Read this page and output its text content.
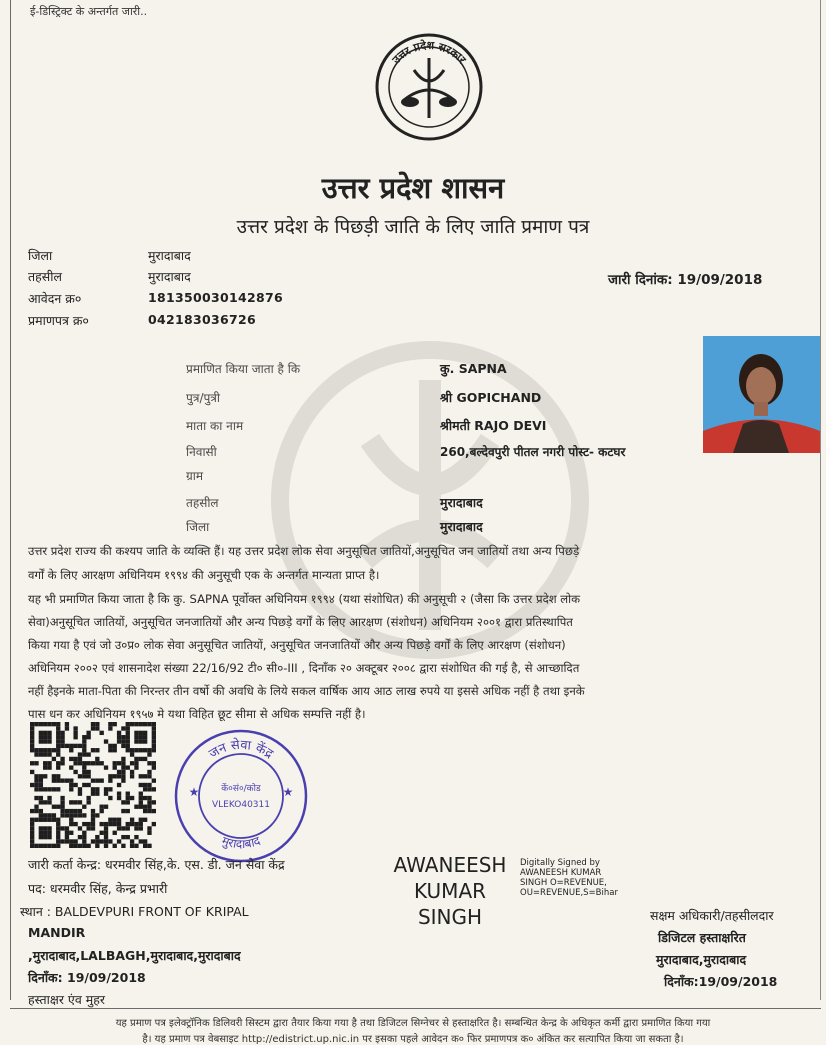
ई-डिस्ट्रिक्ट के अन्तर्गत जारी..
उत्तर प्रदेश सरकार
उत्तर प्रदेश शासन
उत्तर प्रदेश के पिछड़ी जाति के लिए जाति प्रमाण पत्र
जिला	मुरादाबाद
तहसील	मुरादाबाद
आवेदन क्र०	181350030142876
प्रमाणपत्र क्र०	042183036726
जारी दिनांक: 19/09/2018
प्रमाणित किया जाता है कि	कु. SAPNA
पुत्र/पुत्री	श्री GOPICHAND
माता का नाम	श्रीमती RAJO DEVI
निवासी	260,बल्देवपुरी पीतल नगरी पोस्ट- कटघर
ग्राम
तहसील	मुरादाबाद
जिला	मुरादाबाद
उत्तर प्रदेश राज्य की कश्यप जाति के व्यक्ति हैं। यह उत्तर प्रदेश लोक सेवा अनुसूचित जातियों,अनुसूचित जन जातियों तथा अन्य पिछड़े
वर्गों के लिए आरक्षण अधिनियम १९९४ की अनुसूची एक के अन्तर्गत मान्यता प्राप्त है।
यह भी प्रमाणित किया जाता है कि कु. SAPNA पूर्वोक्त अधिनियम १९९४ (यथा संशोधित) की अनुसूची २ (जैसा कि उत्तर प्रदेश लोक
सेवा)अनुसूचित जातियों, अनुसूचित जनजातियों और अन्य पिछड़े वर्गों के लिए आरक्षण (संशोधन) अधिनियम २००१ द्वारा प्रतिस्थापित
किया गया है एवं जो उ०प्र० लोक सेवा अनुसूचित जातियों, अनुसूचित जनजातियों और अन्य पिछड़े वर्गों के लिए आरक्षण (संशोधन)
अधिनियम २००२ एवं शासनादेश संख्या 22/16/92 टी० सी०-III , दिनाँक २० अक्टूबर २००८ द्वारा संशोधित की गई है, से आच्छादित
नहीं हैइनके माता-पिता की निरन्तर तीन वर्षो की अवधि के लिये सकल वार्षिक आय आठ लाख रुपये या इससे अधिक नहीं है तथा इनके
पास धन कर अधिनियम १९५७ मे यथा विहित छूट सीमा से अधिक सम्पत्ति नहीं है।
जन सेवा केंद्र
मुरादाबाद
कें०सं०/कोड
VLEKO40311
★	★
जारी कर्ता केन्द्र: धरमवीर सिंह,के. एस. डी. जन सेवा केंद्र
पद: धरमवीर सिंह, केन्द्र प्रभारी
स्थान : BALDEVPURI FRONT OF KRIPAL
MANDIR
,मुरादाबाद,LALBAGH,मुरादाबाद,मुरादाबाद
दिनाँक: 19/09/2018
हस्ताक्षर एंव मुहर
AWANEESH KUMAR SINGH
Digitally Signed by AWANEESH KUMAR SINGH O=REVENUE, OU=REVENUE,S=Bihar
सक्षम अधिकारी/तहसीलदार
डिजिटल हस्ताक्षरित
मुरादाबाद,मुरादाबाद
दिनाँक:19/09/2018
यह प्रमाण पत्र इलेक्ट्रॉनिक डिलिवरी सिस्टम द्वारा तैयार किया गया है तथा डिजिटल सिग्नेचर से हस्ताक्षरित है। सम्बन्धित केन्द्र के अधिकृत कर्मी द्वारा प्रमाणित किया गया
है। यह प्रमाण पत्र वेबसाइट http://edistrict.up.nic.in पर इसका पहले आवेदन क० फिर प्रमाणपत्र क० अंकित कर सत्यापित किया जा सकता है।
